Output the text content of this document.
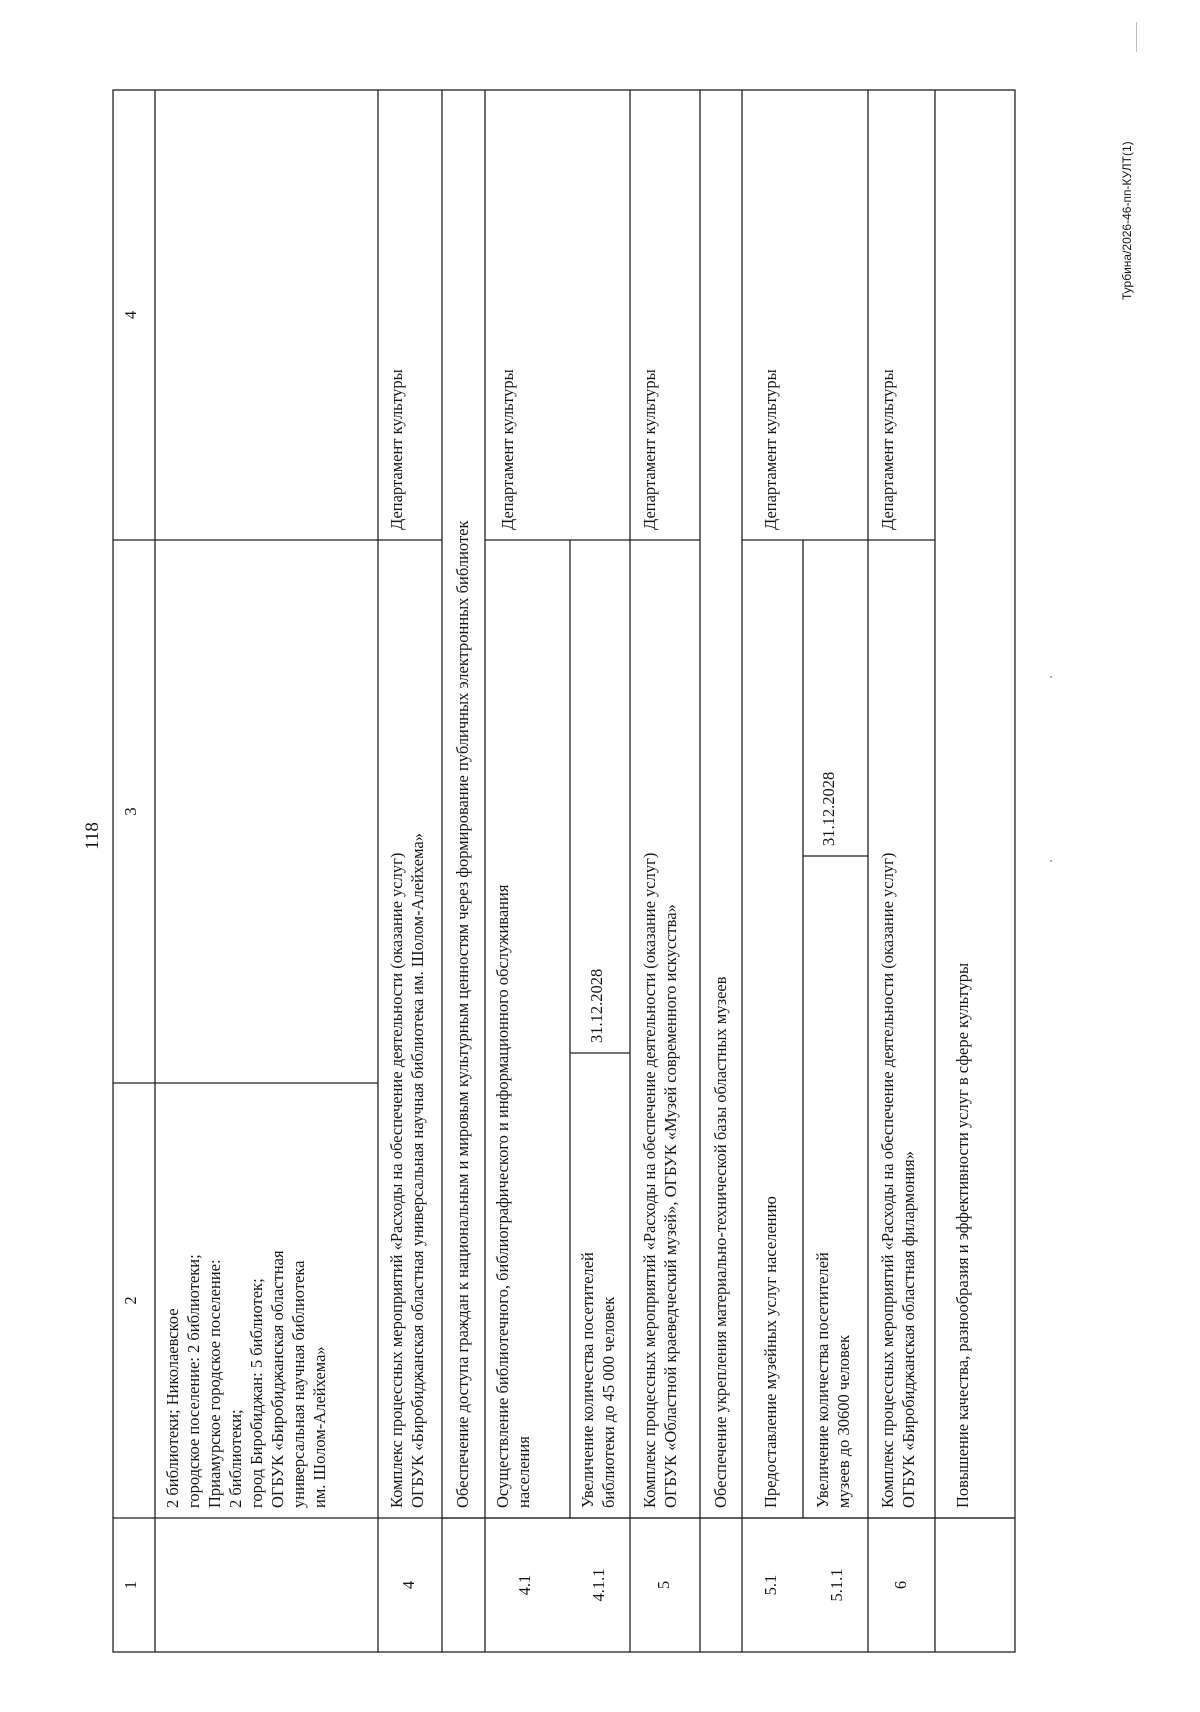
118
Турбина/2026-46-пп-КУЛТ(1)
1
2
3
4
2 библиотеки; Николаевское городское поселение: 2 библиотеки; Приамурское городское поселение: 2 библиотеки; город Биробиджан: 5 библиотек; ОГБУК «Биробиджанская областная универсальная научная библиотека им. Шолом-Алейхема»
4
Комплекс процессных мероприятий «Расходы на обеспечение деятельности (оказание услуг) ОГБУК «Биробиджанская областная универсальная научная библиотека им. Шолом-Алейхема»
Департамент культуры
Обеспечение доступа граждан к национальным и мировым культурным ценностям через формирование публичных электронных библиотек
4.1
Осуществление библиотечного, библиографического и информационного обслуживания населения
Департамент культуры
4.1.1
Увеличение количества посетителей библиотеки до 45 000 человек
31.12.2028
5
Комплекс процессных мероприятий «Расходы на обеспечение деятельности (оказание услуг) ОГБУК «Областной краеведческий музей», ОГБУК «Музей современного искусства»
Департамент культуры
Обеспечение укрепления материально-технической базы областных музеев
5.1
Предоставление музейных услуг населению
Департамент культуры
5.1.1
Увеличение количества посетителей музеев до 30600 человек
31.12.2028
6
Комплекс процессных мероприятий «Расходы на обеспечение деятельности (оказание услуг) ОГБУК «Биробиджанская областная филармония»
Департамент культуры
Повышение качества, разнообразия и эффективности услуг в сфере культуры
